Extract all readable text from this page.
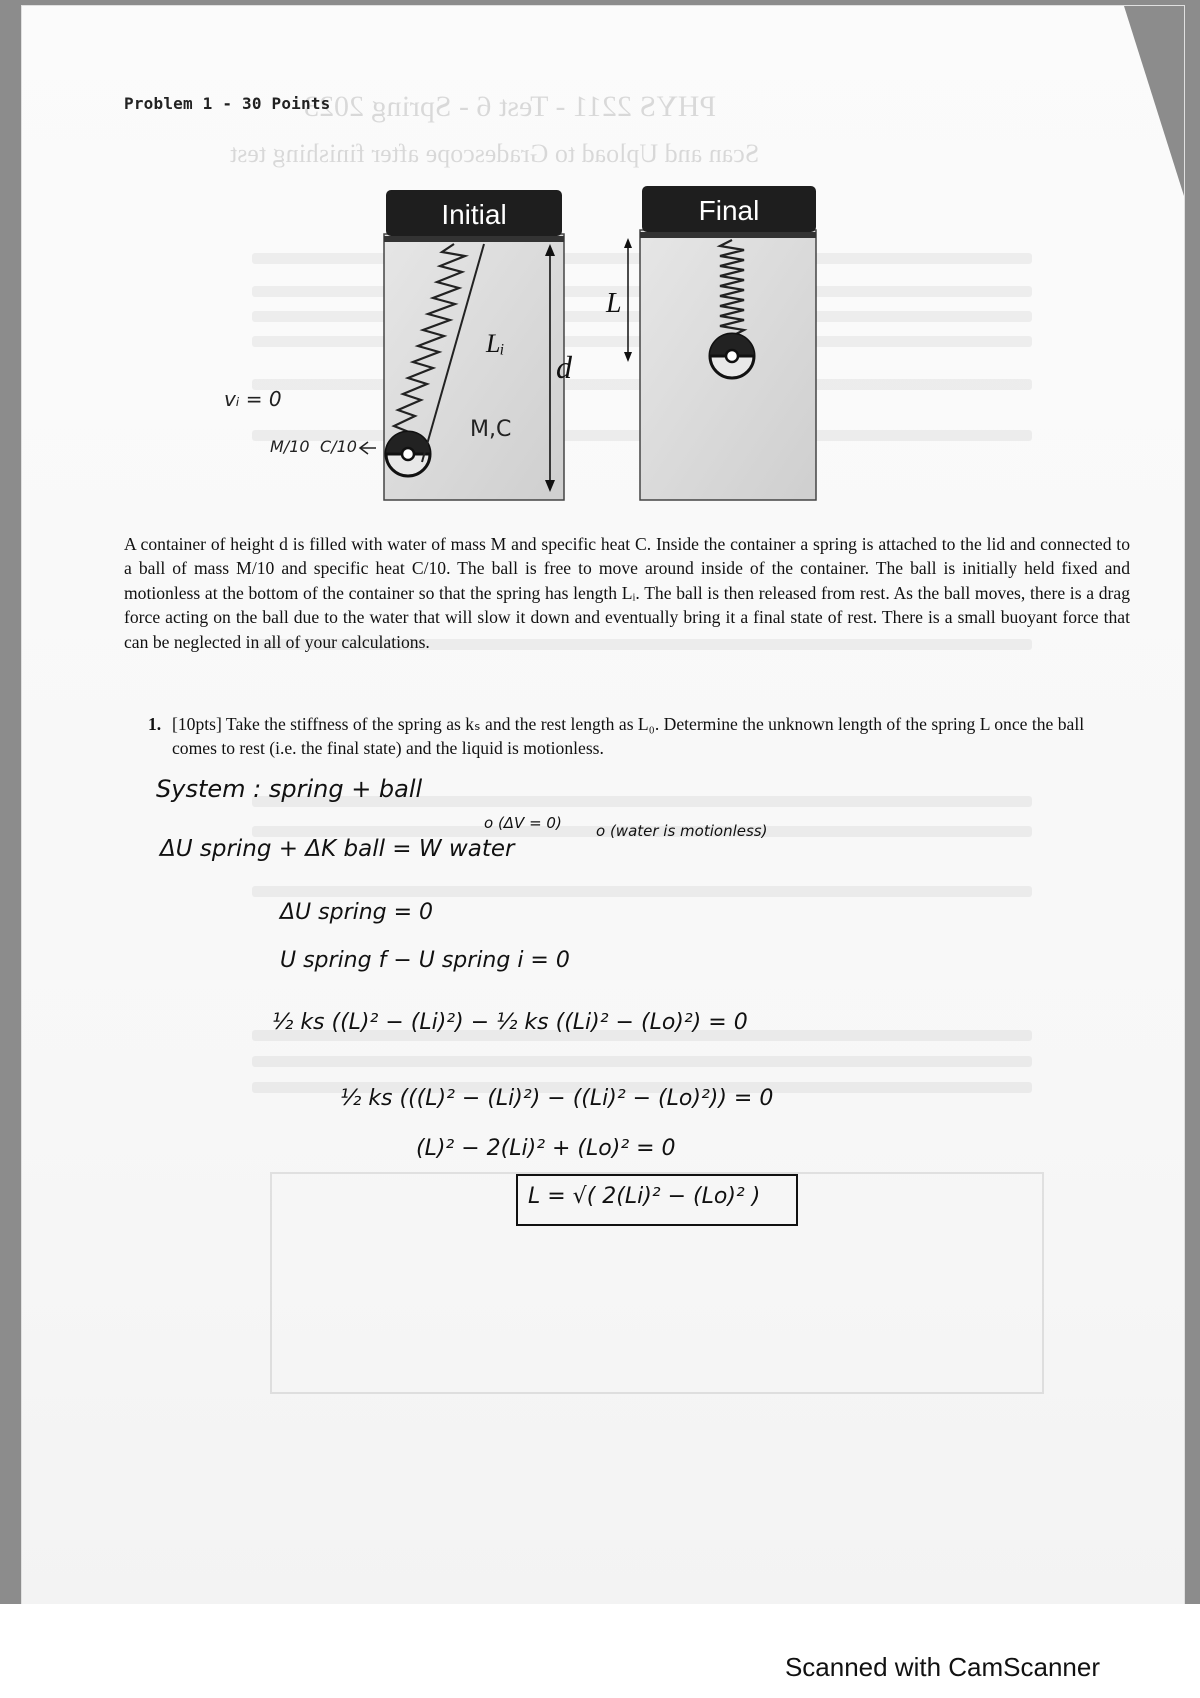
PHYS 2211 - Test 6 - Spring 2023
Scan and Upload to Gradescope after finishing test
Problem 1 - 30 Points
Initial
Lᵢ
M,C
d
Final
L
vᵢ = 0
M/10 C/10
A container of height d is filled with water of mass M and specific heat C. Inside the container a spring is attached to the lid and connected to a ball of mass M/10 and specific heat C/10. The ball is free to move around inside of the container. The ball is initially held fixed and motionless at the bottom of the container so that the spring has length Lᵢ. The ball is then released from rest. As the ball moves, there is a drag force acting on the ball due to the water that will slow it down and eventually bring it a final state of rest. There is a small buoyant force that can be neglected in all of your calculations.
1. [10pts] Take the stiffness of the spring as kₛ and the rest length as L₀. Determine the unknown length of the spring L once the ball comes to rest (i.e. the final state) and the liquid is motionless.
System : spring + ball
ΔU spring + ΔK ball = W water
o (ΔV = 0) o (water is motionless)
ΔU spring = 0
U spring f − U spring i = 0
½ ks ((L)² − (Li)²) − ½ ks ((Li)² − (Lo)²) = 0
½ ks (((L)² − (Li)²) − ((Li)² − (Lo)²)) = 0
(L)² − 2(Li)² + (Lo)² = 0
L = √( 2(Li)² − (Lo)² )
Scanned with CamScanner
